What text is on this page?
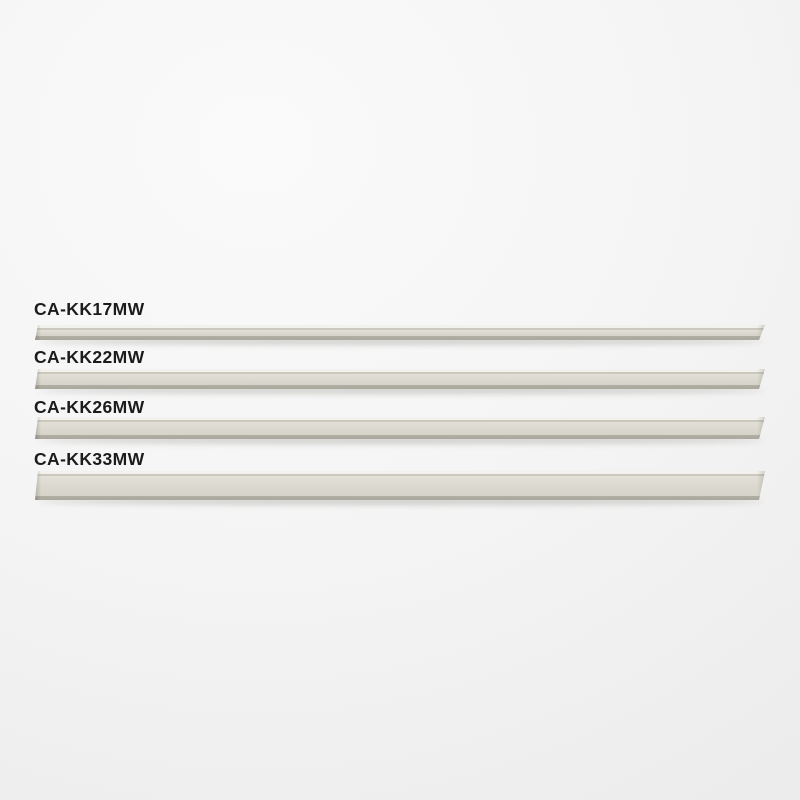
CA-KK17MW
CA-KK22MW
CA-KK26MW
CA-KK33MW
